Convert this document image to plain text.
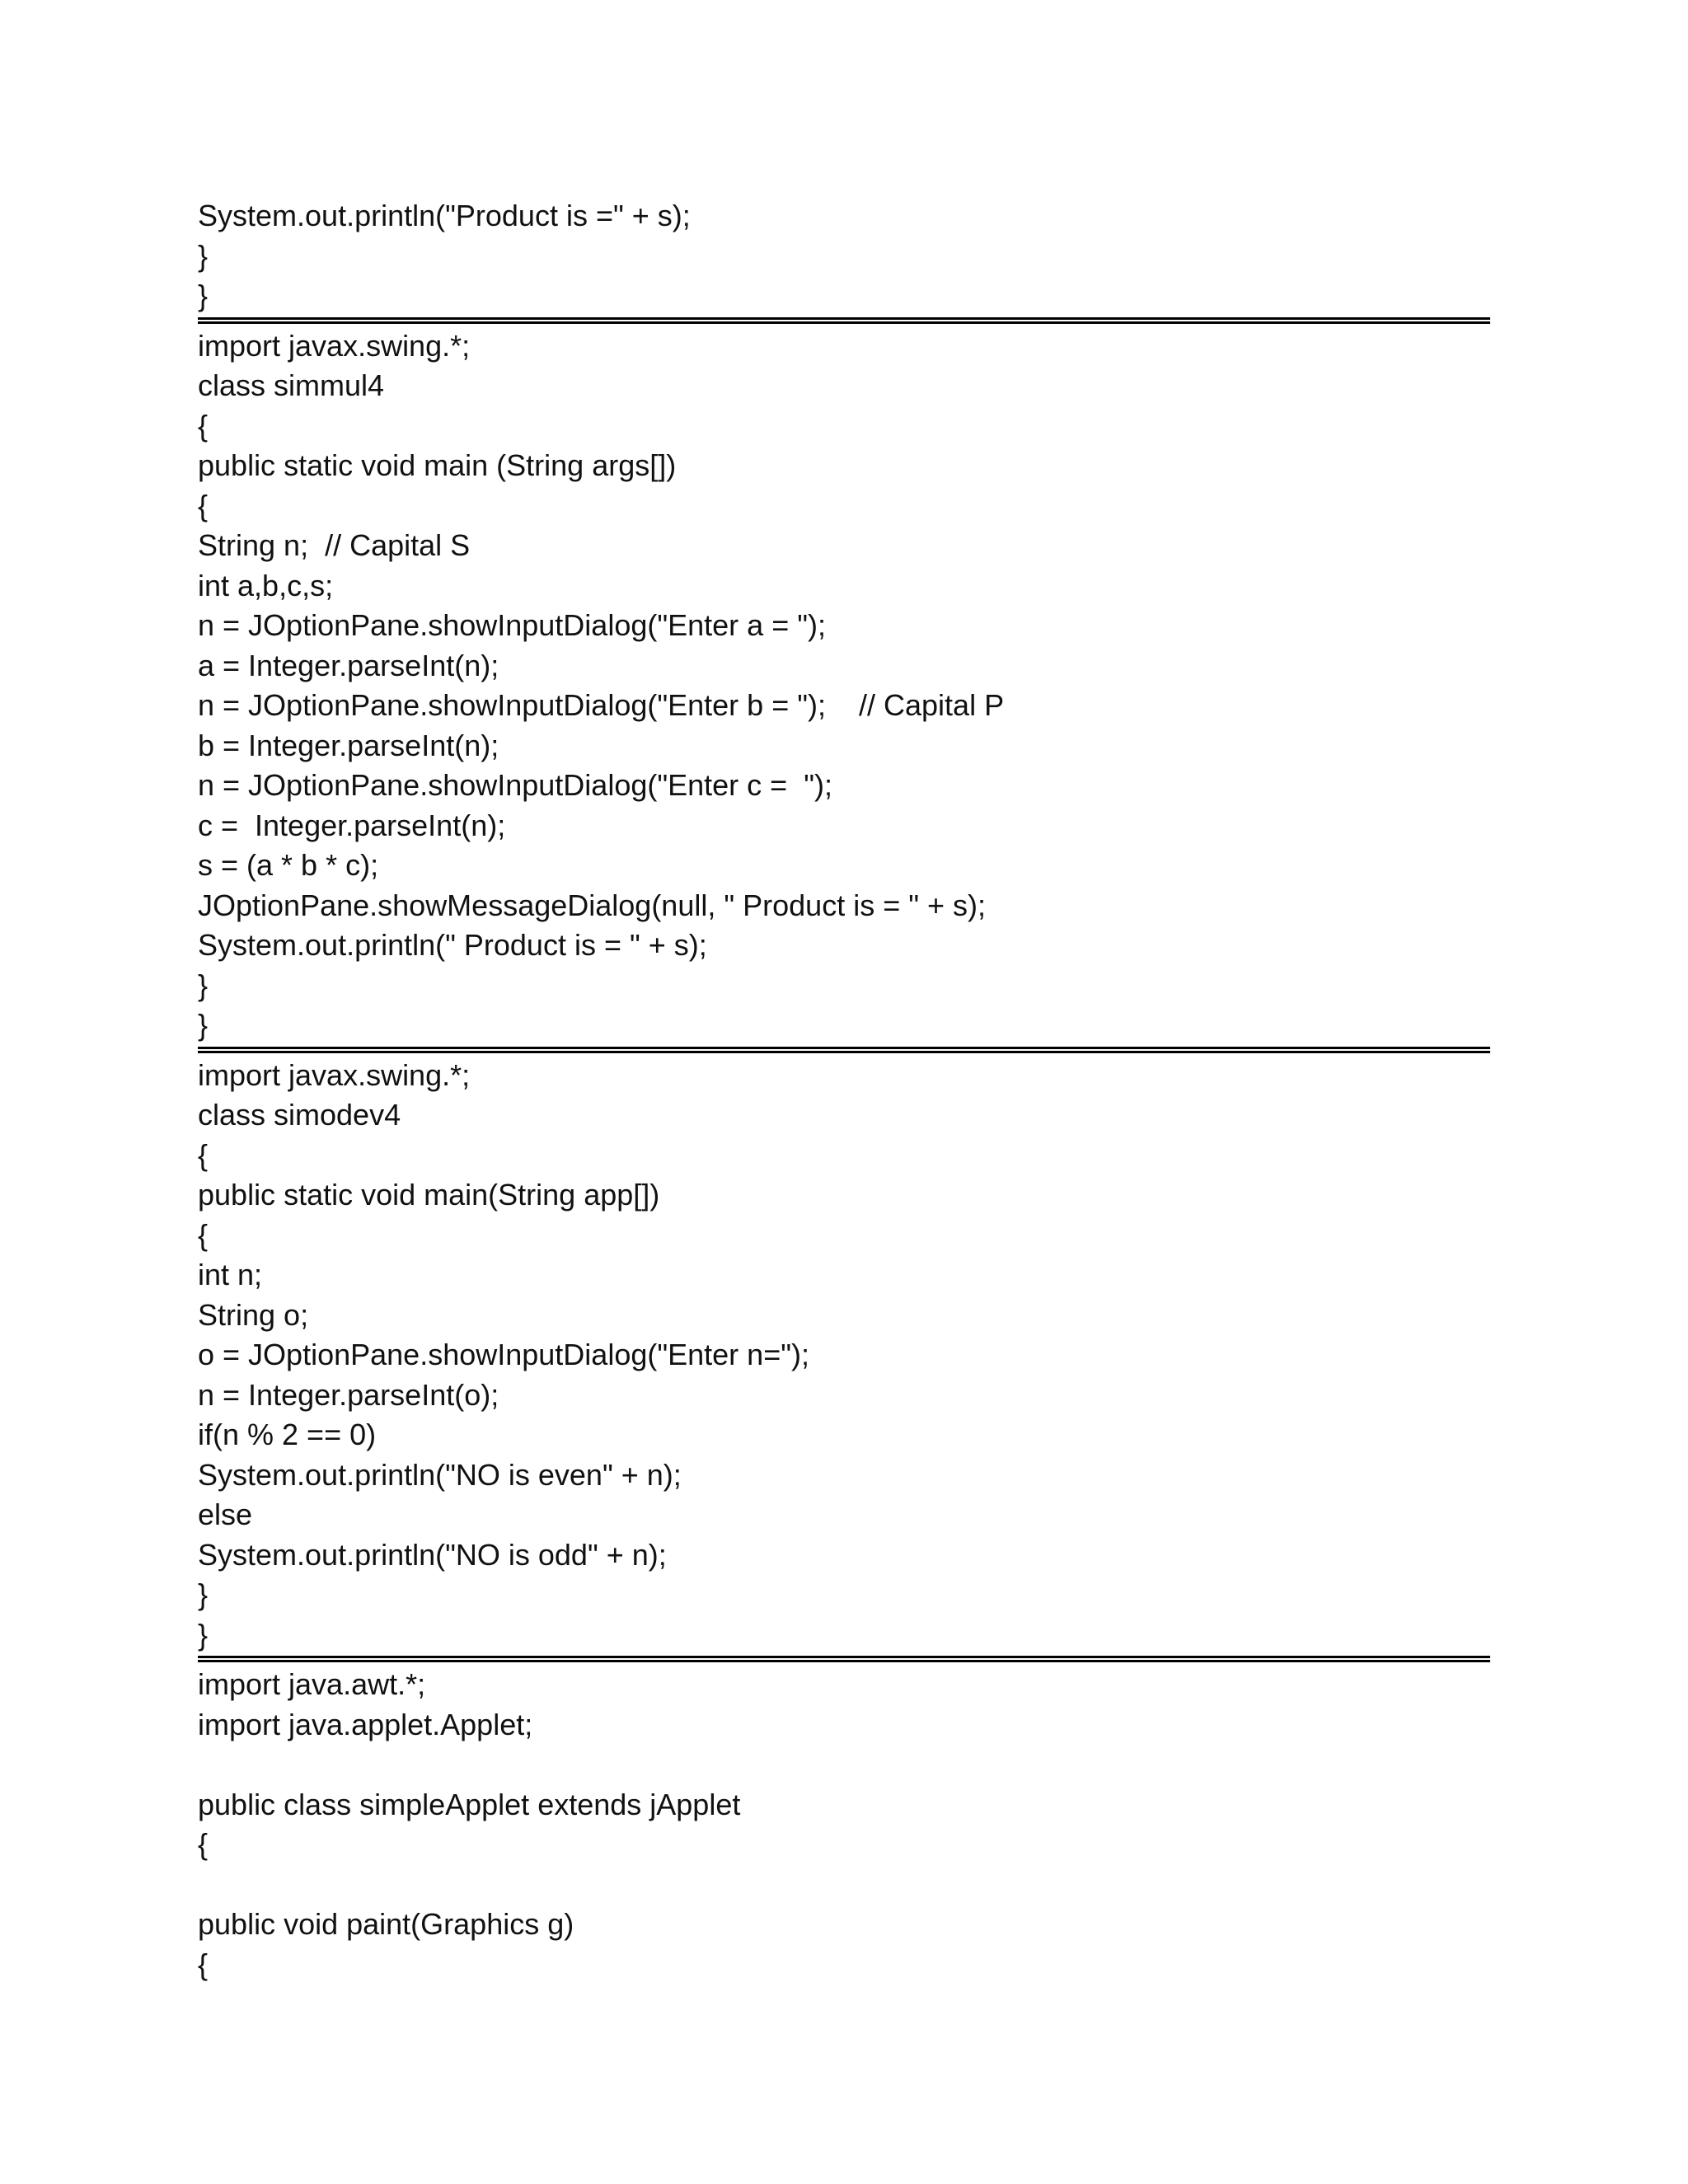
System.out.println("Product is =" + s);
}
}
import javax.swing.*;
class simmul4
{
public static void main (String args[])
{
String n;  // Capital S
int a,b,c,s;
n = JOptionPane.showInputDialog("Enter a = ");
a = Integer.parseInt(n);
n = JOptionPane.showInputDialog("Enter b = ");    // Capital P
b = Integer.parseInt(n);
n = JOptionPane.showInputDialog("Enter c =  ");
c =  Integer.parseInt(n);
s = (a * b * c);
JOptionPane.showMessageDialog(null, " Product is = " + s);
System.out.println(" Product is = " + s);
}
}
import javax.swing.*;
class simodev4
{
public static void main(String app[])
{
int n;
String o;
o = JOptionPane.showInputDialog("Enter n=");
n = Integer.parseInt(o);
if(n % 2 == 0)
System.out.println("NO is even" + n);
else
System.out.println("NO is odd" + n);
}
}
import java.awt.*;
import java.applet.Applet;
public class simpleApplet extends jApplet
{
public void paint(Graphics g)
{
